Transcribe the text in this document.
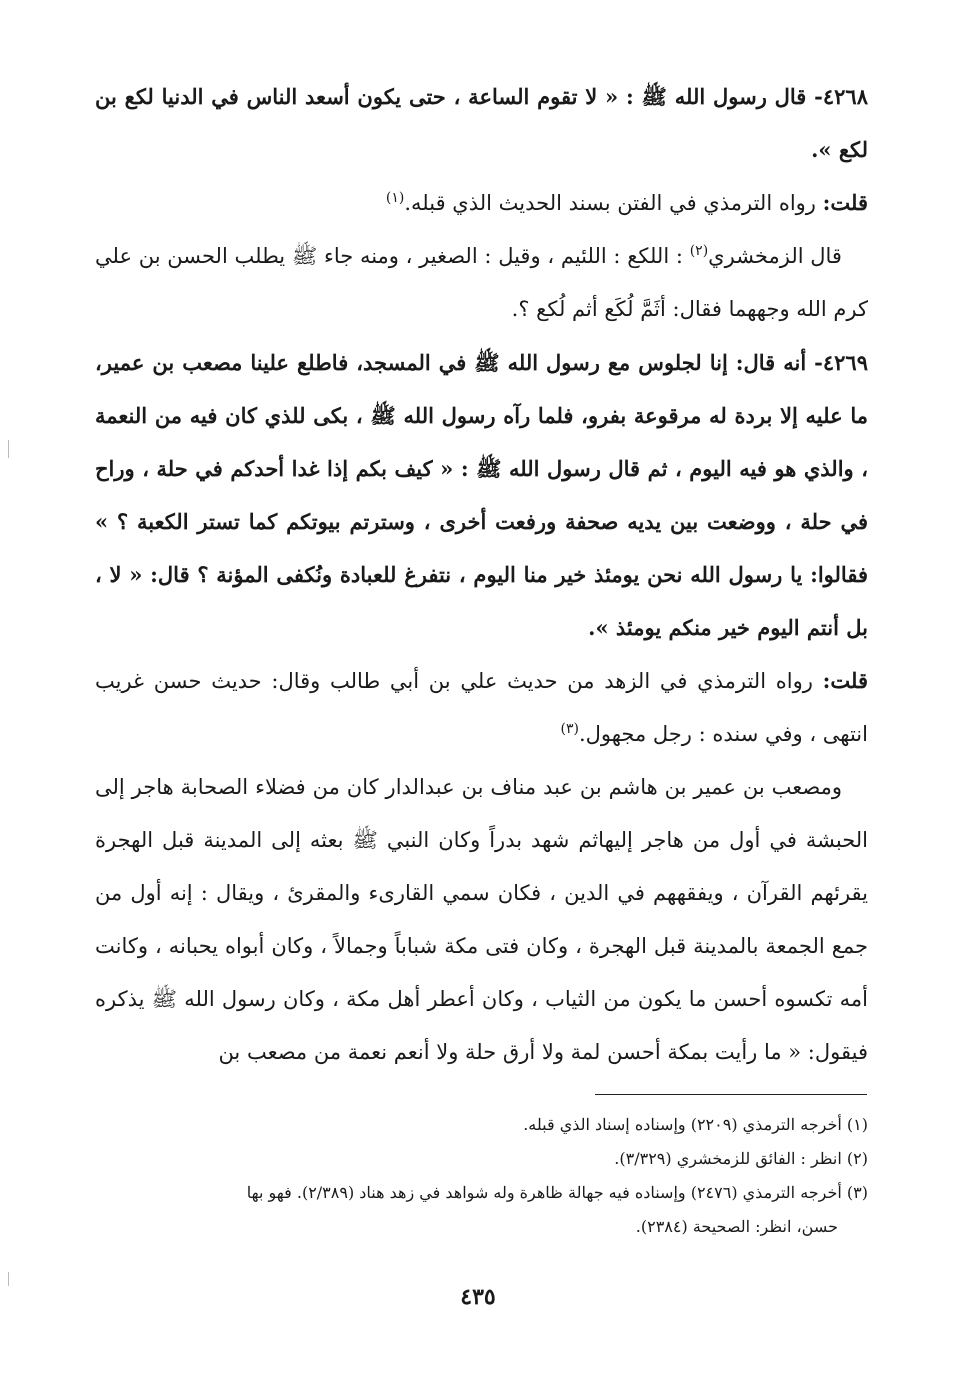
٤٢٦٨- قال رسول الله ﷺ : « لا تقوم الساعة ، حتى يكون أسعد الناس في الدنيا لكع بن لكع ».

قلت: رواه الترمذي في الفتن بسند الحديث الذي قبله.$^{(١)}$

قال الزمخشري$^{(٢)}$ : اللكع : اللئيم ، وقيل : الصغير ، ومنه جاء ﷺ يطلب الحسن بن علي كرم الله وجههما فقال: أثَمَّ لُكَع أثم لُكع ؟.

٤٢٦٩- أنه قال: إنا لجلوس مع رسول الله ﷺ في المسجد، فاطلع علينا مصعب بن عمير، ما عليه إلا بردة له مرقوعة بفرو، فلما رآه رسول الله ﷺ ، بكى للذي كان فيه من النعمة ، والذي هو فيه اليوم ، ثم قال رسول الله ﷺ : « كيف بكم إذا غدا أحدكم في حلة ، وراح في حلة ، ووضعت بين يديه صحفة ورفعت أخرى ، وسترتم بيوتكم كما تستر الكعبة ؟ » فقالوا: يا رسول الله نحن يومئذ خير منا اليوم ، نتفرغ للعبادة ونُكفى المؤنة ؟ قال: « لا ، بل أنتم اليوم خير منكم يومئذ ».

قلت: رواه الترمذي في الزهد من حديث علي بن أبي طالب وقال: حديث حسن غريب انتهى ، وفي سنده : رجل مجهول.$^{(٣)}$

ومصعب بن عمير بن هاشم بن عبد مناف بن عبدالدار كان من فضلاء الصحابة هاجر إلى الحبشة في أول من هاجر إليهاثم شهد بدراً وكان النبي ﷺ بعثه إلى المدينة قبل الهجرة يقرئهم القرآن ، ويفقههم في الدين ، فكان سمي القارىء والمقرئ ، ويقال : إنه أول من جمع الجمعة بالمدينة قبل الهجرة ، وكان فتى مكة شباباً وجمالاً ، وكان أبواه يحبانه ، وكانت أمه تكسوه أحسن ما يكون من الثياب ، وكان أعطر أهل مكة ، وكان رسول الله ﷺ يذكره فيقول: « ما رأيت بمكة أحسن لمة ولا أرق حلة ولا أنعم نعمة من مصعب بن

(١) أخرجه الترمذي (٢٢٠٩) وإسناده إسناد الذي قبله.

(٢) انظر : الفائق للزمخشري (٣/٣٢٩).

(٣) أخرجه الترمذي (٢٤٧٦) وإسناده فيه جهالة ظاهرة وله شواهد في زهد هناد (٢/٣٨٩). فهو بها

حسن، انظر: الصحيحة (٢٣٨٤).

٤٣٥
